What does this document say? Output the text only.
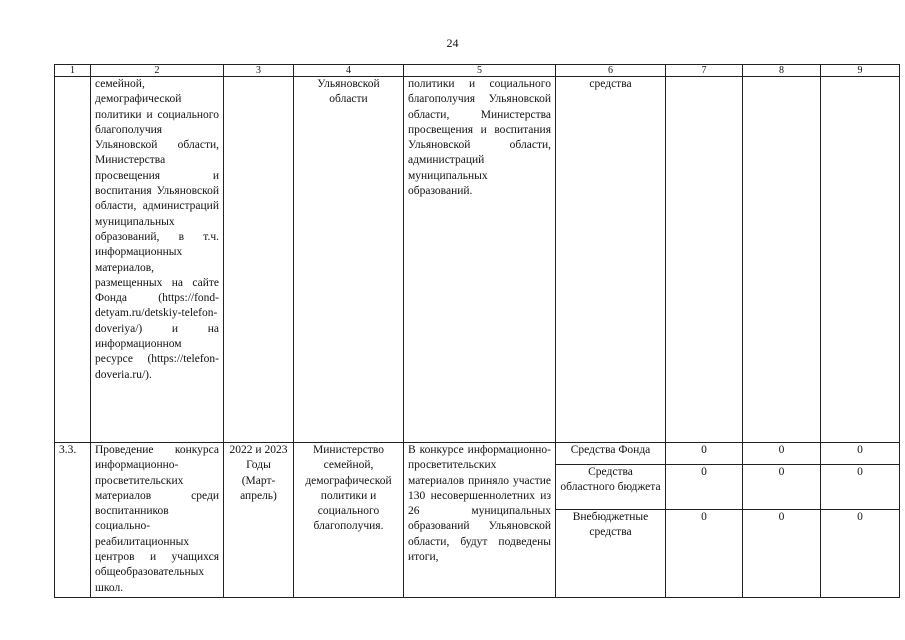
24
1	2	3	4	5	6	7	8	9
	семейной, демографической политики и социального благополучия Ульяновской области, Министерства просвещения и воспитания Ульяновской области, администраций муниципальных образований, в т.ч. информационных материалов, размещенных на сайте Фонда (https://fond-detyam.ru/detskiy-telefon-doveriya/) и на информационном ресурсе (https://telefon-doveria.ru/).		Ульяновской области	политики и социального благополучия Ульяновской области, Министерства просвещения и воспитания Ульяновской области, администраций муниципальных образований.	средства			
3.3.	Проведение конкурса информационно-просветительских материалов среди воспитанников социально-реабилитационных центров и учащихся общеобразовательных школ.	2022 и 2023 Годы (Март-апрель)	Министерство семейной, демографической политики и социального благополучия.	В конкурсе информационно-просветительских материалов приняло участие 130 несовершеннолетних из 26 муниципальных образований Ульяновской области, будут подведены итоги,	Средства Фонда	0	0	0
					Средства областного бюджета	0	0	0
					Внебюджетные средства	0	0	0
